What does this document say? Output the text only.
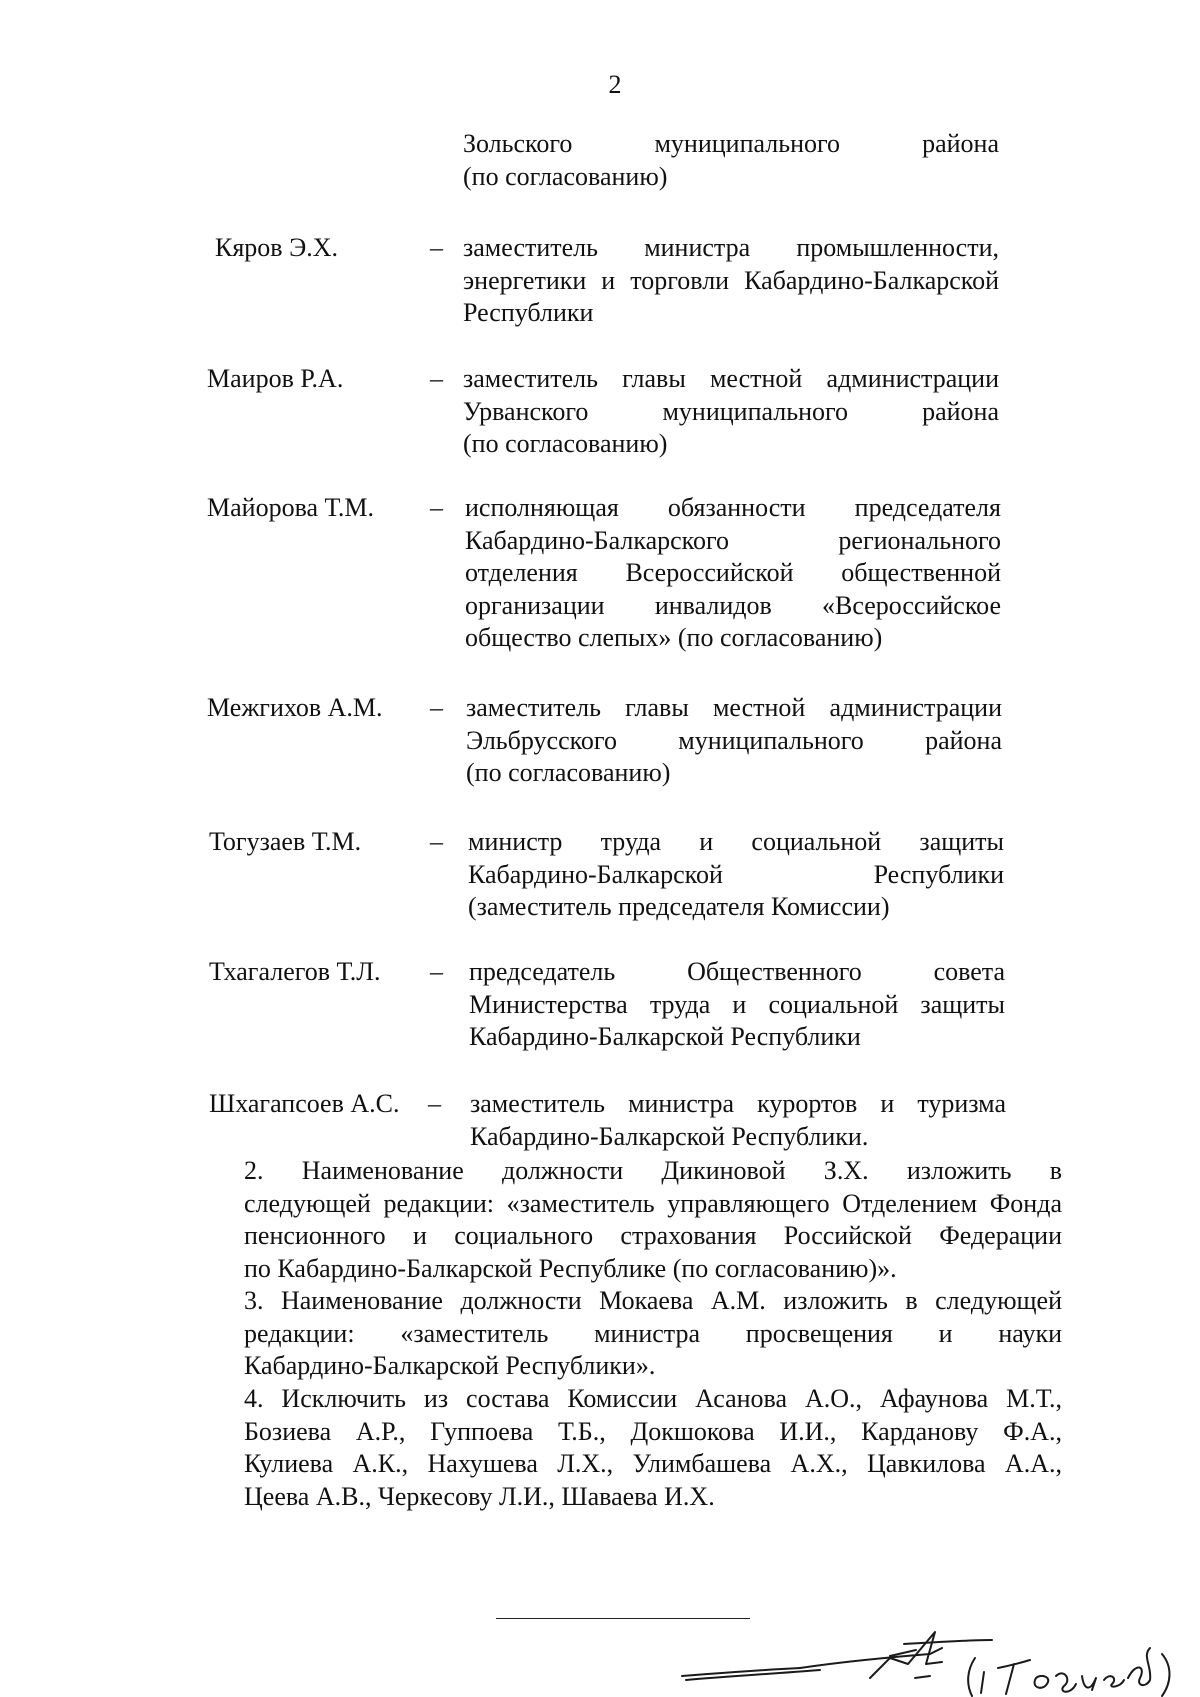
2
Зольского муниципального района
(по согласованию)
Кяров Э.Х.	– заместитель министра промышленности,
энергетики и торговли Кабардино-Балкарской
Республики
Маиров Р.А.	– заместитель главы местной администрации
Урванского муниципального района
(по согласованию)
Майорова Т.М. – исполняющая обязанности председателя
Кабардино-Балкарского регионального
отделения Всероссийской общественной
организации инвалидов «Всероссийское
общество слепых» (по согласованию)
Межгихов А.М. – заместитель главы местной администрации
Эльбрусского муниципального района
(по согласованию)
Тогузаев Т.М.	– министр труда и социальной защиты
Кабардино-Балкарской Республики
(заместитель председателя Комиссии)
Тхагалегов Т.Л. – председатель Общественного совета
Министерства труда и социальной защиты
Кабардино-Балкарской Республики
Шхагапсоев А.С. – заместитель министра курортов и туризма
Кабардино-Балкарской Республики.

2. Наименование должности Дикиновой З.Х. изложить в
следующей редакции: «заместитель управляющего Отделением Фонда
пенсионного и социального страхования Российской Федерации
по Кабардино-Балкарской Республике (по согласованию)».

3. Наименование должности Мокаева А.М. изложить в следующей
редакции: «заместитель министра просвещения и науки
Кабардино-Балкарской Республики».

4. Исключить из состава Комиссии Асанова А.О., Афаунова М.Т.,
Бозиева А.Р., Гуппоева Т.Б., Докшокова И.И., Карданову Ф.А.,
Кулиева А.К., Нахушева Л.Х., Улимбашева А.Х., Цавкилова А.А.,
Цеева А.В., Черкесову Л.И., Шаваева И.Х.
